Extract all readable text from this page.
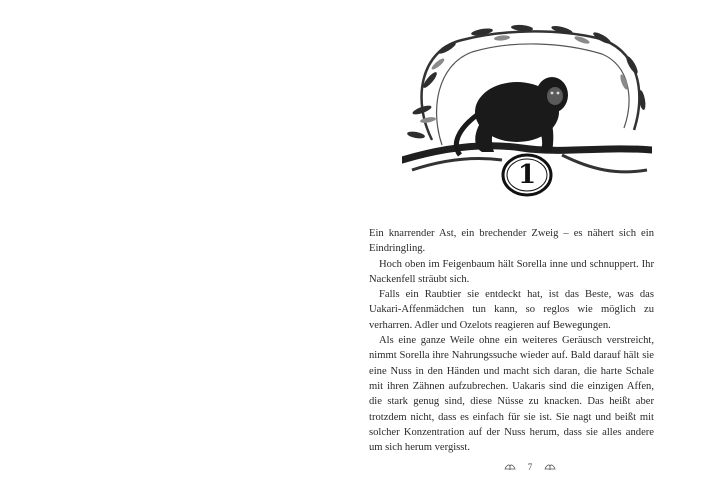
1

Ein knarrender Ast, ein brechender Zweig – es nähert sich ein Eindringling.

Hoch oben im Feigenbaum hält Sorella inne und schnuppert. Ihr Nackenfell sträubt sich.

Falls ein Raubtier sie entdeckt hat, ist das Beste, was das Uakari-Affenmädchen tun kann, so reglos wie möglich zu verharren. Adler und Ozelots reagieren auf Bewegungen.

Als eine ganze Weile ohne ein weiteres Geräusch verstreicht, nimmt Sorella ihre Nahrungssuche wieder auf. Bald darauf hält sie eine Nuss in den Händen und macht sich daran, die harte Schale mit ihren Zähnen aufzubrechen. Uakaris sind die einzigen Affen, die stark genug sind, diese Nüsse zu knacken. Das heißt aber trotzdem nicht, dass es einfach für sie ist. Sie nagt und beißt mit solcher Konzentration auf der Nuss herum, dass sie alles andere um sich herum vergisst.

7
